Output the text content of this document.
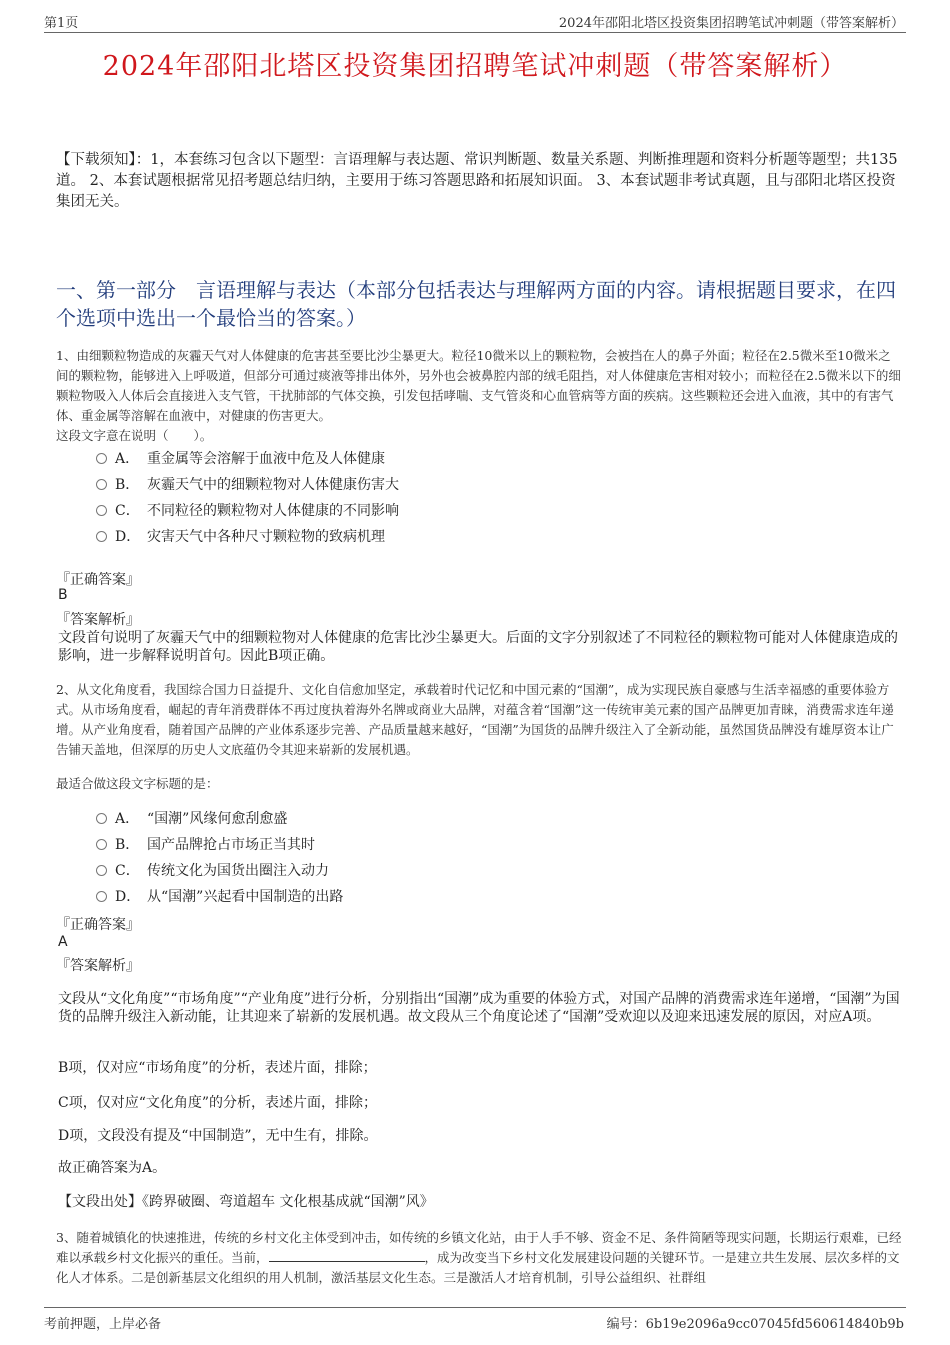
第1页	2024年邵阳北塔区投资集团招聘笔试冲刺题（带答案解析）
2024年邵阳北塔区投资集团招聘笔试冲刺题（带答案解析）
【下载须知】：1，本套练习包含以下题型：言语理解与表达题、常识判断题、数量关系题、判断推理题和资料分析题等题型；共135道。 2、本套试题根据常见招考题总结归纳，主要用于练习答题思路和拓展知识面。 3、本套试题非考试真题，且与邵阳北塔区投资集团无关。
一、第一部分　言语理解与表达（本部分包括表达与理解两方面的内容。请根据题目要求，在四个选项中选出一个最恰当的答案。）
1、由细颗粒物造成的灰霾天气对人体健康的危害甚至要比沙尘暴更大。粒径10微米以上的颗粒物，会被挡在人的鼻子外面；粒径在2.5微米至10微米之间的颗粒物，能够进入上呼吸道，但部分可通过痰液等排出体外，另外也会被鼻腔内部的绒毛阻挡，对人体健康危害相对较小；而粒径在2.5微米以下的细颗粒物吸入人体后会直接进入支气管，干扰肺部的气体交换，引发包括哮喘、支气管炎和心血管病等方面的疾病。这些颗粒还会进入血液，其中的有害气体、重金属等溶解在血液中，对健康的伤害更大。
这段文字意在说明（　　）。
A． 重金属等会溶解于血液中危及人体健康
B． 灰霾天气中的细颗粒物对人体健康伤害大
C． 不同粒径的颗粒物对人体健康的不同影响
D． 灾害天气中各种尺寸颗粒物的致病机理
『正确答案』
B
『答案解析』
文段首句说明了灰霾天气中的细颗粒物对人体健康的危害比沙尘暴更大。后面的文字分别叙述了不同粒径的颗粒物可能对人体健康造成的影响，进一步解释说明首句。因此B项正确。
2、从文化角度看，我国综合国力日益提升、文化自信愈加坚定，承载着时代记忆和中国元素的“国潮”，成为实现民族自豪感与生活幸福感的重要体验方式。从市场角度看，崛起的青年消费群体不再过度执着海外名牌或商业大品牌，对蕴含着“国潮”这一传统审美元素的国产品牌更加青睐，消费需求连年递增。从产业角度看，随着国产品牌的产业体系逐步完善、产品质量越来越好，“国潮”为国货的品牌升级注入了全新动能，虽然国货品牌没有雄厚资本让广告铺天盖地，但深厚的历史人文底蕴仍令其迎来崭新的发展机遇。
最适合做这段文字标题的是：
A． “国潮”风缘何愈刮愈盛
B． 国产品牌抢占市场正当其时
C． 传统文化为国货出圈注入动力
D． 从“国潮”兴起看中国制造的出路
『正确答案』
A
『答案解析』
文段从“文化角度”“市场角度”“产业角度”进行分析，分别指出“国潮”成为重要的体验方式，对国产品牌的消费需求连年递增，“国潮”为国货的品牌升级注入新动能，让其迎来了崭新的发展机遇。故文段从三个角度论述了“国潮”受欢迎以及迎来迅速发展的原因，对应A项。
B项，仅对应“市场角度”的分析，表述片面，排除；
C项，仅对应“文化角度”的分析，表述片面，排除；
D项，文段没有提及“中国制造”，无中生有，排除。
故正确答案为A。
【文段出处】《跨界破圈、弯道超车 文化根基成就“国潮”风》
3、随着城镇化的快速推进，传统的乡村文化主体受到冲击，如传统的乡镇文化站，由于人手不够、资金不足、条件简陋等现实问题，长期运行艰难，已经难以承载乡村文化振兴的重任。当前，	，成为改变当下乡村文化发展建设问题的关键环节。一是建立共生发展、层次多样的文化人才体系。二是创新基层文化组织的用人机制，激活基层文化生态。三是激活人才培育机制，引导公益组织、社群组
考前押题，上岸必备	编号：6b19e2096a9cc07045fd560614840b9b
